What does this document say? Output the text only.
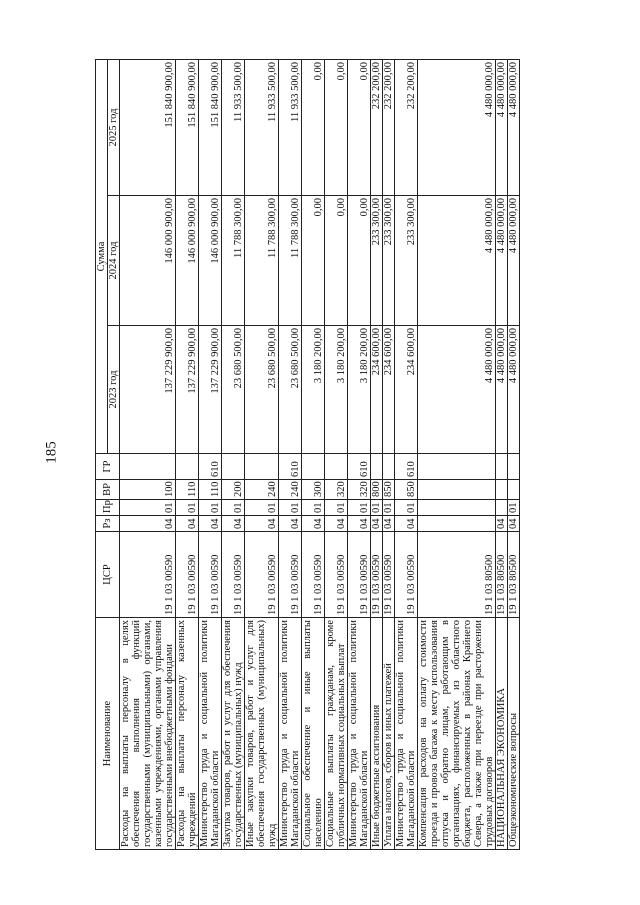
185
Наименование	ЦСР	Рз	Пр	ВР	ГР	Сумма		
						2023 год	2024 год	2025 год
Расходы на выплаты персоналу в целях обеспечения выполнения функций государственными (муниципальными) органами, казенными учреждениями, органами управления государственными внебюджетными фондами	19 1 03 00590	04	01	100		137 229 900,00	146 000 900,00	151 840 900,00
Расходы на выплаты персоналу казенных учреждений	19 1 03 00590	04	01	110		137 229 900,00	146 000 900,00	151 840 900,00
Министерство труда и социальной политики Магаданской области	19 1 03 00590	04	01	110	610	137 229 900,00	146 000 900,00	151 840 900,00
Закупка товаров, работ и услуг для обеспечения государственных (муниципальных) нужд	19 1 03 00590	04	01	200		23 680 500,00	11 788 300,00	11 933 500,00
Иные закупки товаров, работ и услуг для обеспечения государственных (муниципальных) нужд	19 1 03 00590	04	01	240		23 680 500,00	11 788 300,00	11 933 500,00
Министерство труда и социальной политики Магаданской области	19 1 03 00590	04	01	240	610	23 680 500,00	11 788 300,00	11 933 500,00
Социальное обеспечение и иные выплаты населению	19 1 03 00590	04	01	300		3 180 200,00	0,00	0,00
Социальные выплаты гражданам, кроме публичных нормативных социальных выплат	19 1 03 00590	04	01	320		3 180 200,00	0,00	0,00
Министерство труда и социальной политики Магаданской области	19 1 03 00590	04	01	320	610	3 180 200,00	0,00	0,00
Иные бюджетные ассигнования	19 1 03 00590	04	01	800		234 600,00	233 300,00	232 200,00
Уплата налогов, сборов и иных платежей	19 1 03 00590	04	01	850		234 600,00	233 300,00	232 200,00
Министерство труда и социальной политики Магаданской области	19 1 03 00590	04	01	850	610	234 600,00	233 300,00	232 200,00
Компенсация расходов на оплату стоимости проезда и провоза багажа к месту использования отпуска и обратно лицам, работающим в организациях, финансируемых из областного бюджета, расположенных в районах Крайнего Севера, а также при переезде при расторжении трудовых договоров	19 1 03 80500					4 480 000,00	4 480 000,00	4 480 000,00
НАЦИОНАЛЬНАЯ ЭКОНОМИКА	19 1 03 80500	04				4 480 000,00	4 480 000,00	4 480 000,00
Общеэкономические вопросы	19 1 03 80500	04	01			4 480 000,00	4 480 000,00	4 480 000,00
